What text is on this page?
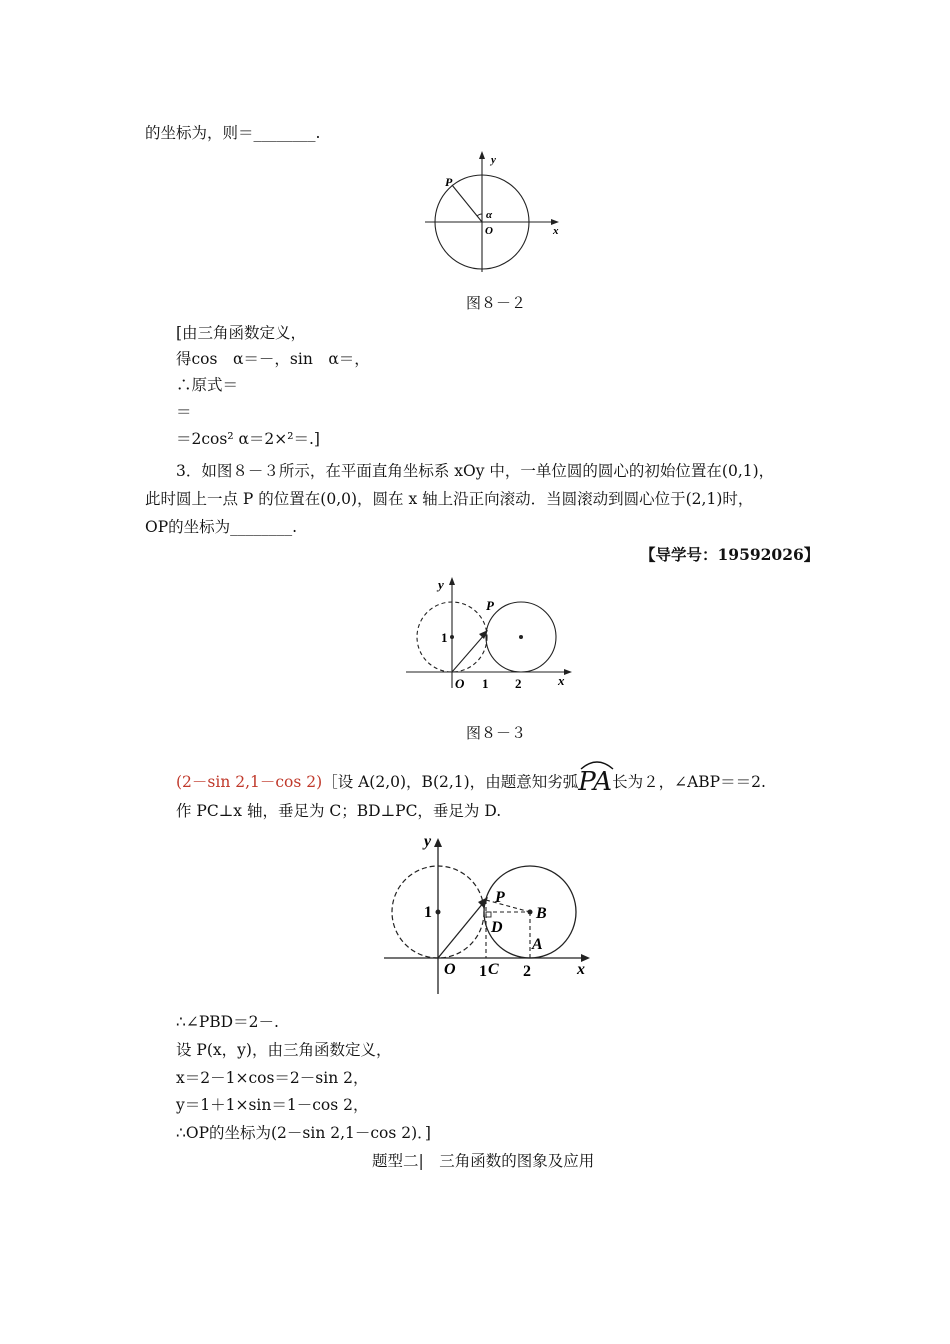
的坐标为，则＝________.
y
x
P
O
α
图８－２
[由三角函数定义，
得cos　α＝－，sin　α＝，
∴原式＝
＝
＝2cos² α＝2×²＝.]
3．如图８－３所示，在平面直角坐标系 xOy 中，一单位圆的圆心的初始位置在(0,1)，
此时圆上一点 P 的位置在(0,0)，圆在 x 轴上沿正向滚动．当圆滚动到圆心位于(2,1)时，
OP的坐标为________.
【导学号：19592026】
y
x
P
O
1
1 2
图８－３
(2－sin 2,1－cos 2)［设 A(2,0)，B(2,1)，由题意知劣弧
PA长为２，∠ABP＝＝2.
作 PC⊥x 轴，垂足为 C；BD⊥PC，垂足为 D.
y
x
P
B
D
A
C
O
1
1 2
∴∠PBD＝2－.
设 P(x，y)，由三角函数定义，
x＝2－1×cos＝2－sin 2，
y＝1＋1×sin＝1－cos 2，
∴OP的坐标为(2－sin 2,1－cos 2)．]
题型二|　三角函数的图象及应用
